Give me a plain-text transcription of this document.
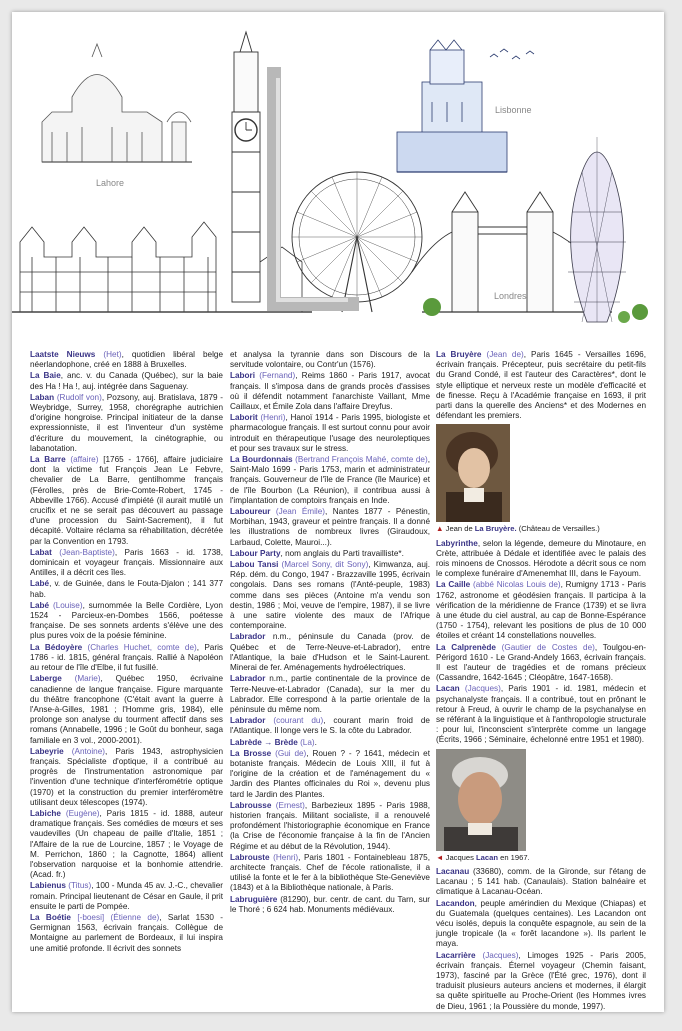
Lahore
Lisbonne
Londres
Laatste Nieuws (Het), quotidien libéral belge néerlandophone, créé en 1888 à Bruxelles.
La Baie, anc. v. du Canada (Québec), sur la baie des Ha ! Ha !, auj. intégrée dans Saguenay.
Laban (Rudolf von), Pozsony, auj. Bratislava, 1879 - Weybridge, Surrey, 1958, chorégraphe autrichien d'origine hongroise. Principal initiateur de la danse expressionniste, il est l'inventeur d'un système d'écriture du mouvement, la cinétographie, ou labanotation.
La Barre (affaire) [1765 - 1766], affaire judiciaire dont la victime fut François Jean Le Febvre, chevalier de La Barre, gentilhomme français (Férolles, près de Brie-Comte-Robert, 1745 - Abbeville 1766). Accusé d'impiété (il aurait mutilé un crucifix et ne se serait pas découvert au passage d'une procession du Saint-Sacrement), il fut décapité. Voltaire réclama sa réhabilitation, décrétée par la Convention en 1793.
Labat (Jean-Baptiste), Paris 1663 - id. 1738, dominicain et voyageur français. Missionnaire aux Antilles, il a décrit ces îles.
Labé, v. de Guinée, dans le Fouta-Djalon ; 141 377 hab.
Labé (Louise), surnommée la Belle Cordière, Lyon 1524 - Parcieux-en-Dombes 1566, poétesse française. De ses sonnets ardents s'élève une des plus pures voix de la poésie féminine.
La Bédoyère (Charles Huchet, comte de), Paris 1786 - id. 1815, général français. Rallié à Napoléon au retour de l'île d'Elbe, il fut fusillé.
Laberge (Marie), Québec 1950, écrivaine canadienne de langue française. Figure marquante du théâtre francophone (C'était avant la guerre à l'Anse-à-Gilles, 1981 ; l'Homme gris, 1984), elle prolonge son analyse du tourment affectif dans ses romans (Annabelle, 1996 ; le Goût du bonheur, saga familiale en 3 vol., 2000-2001).
Labeyrie (Antoine), Paris 1943, astrophysicien français. Spécialiste d'optique, il a contribué au progrès de l'instrumentation astronomique par l'invention d'une technique d'interférométrie optique (1970) et la construction du premier interféromètre utilisant deux télescopes (1974).
Labiche (Eugène), Paris 1815 - id. 1888, auteur dramatique français. Ses comédies de mœurs et ses vaudevilles (Un chapeau de paille d'Italie, 1851 ; l'Affaire de la rue de Lourcine, 1857 ; le Voyage de M. Perrichon, 1860 ; la Cagnotte, 1864) allient l'observation narquoise et la bonhomie attendrie. (Acad. fr.)
Labienus (Titus), 100 - Munda 45 av. J.-C., chevalier romain. Principal lieutenant de César en Gaule, il prit ensuite le parti de Pompée.
La Boétie [-boesi] (Étienne de), Sarlat 1530 - Germignan 1563, écrivain français. Collègue de Montaigne au parlement de Bordeaux, il lui inspira une amitié profonde. Il écrivit des sonnets
et analysa la tyrannie dans son Discours de la servitude volontaire, ou Contr'un (1576).
Labori (Fernand), Reims 1860 - Paris 1917, avocat français. Il s'imposa dans de grands procès d'assises où il défendit notamment l'anarchiste Vaillant, Mme Caillaux, et Émile Zola dans l'affaire Dreyfus.
Laborit (Henri), Hanoï 1914 - Paris 1995, biologiste et pharmacologue français. Il est surtout connu pour avoir introduit en thérapeutique l'usage des neuroleptiques et pour ses travaux sur le stress.
La Bourdonnais (Bertrand François Mahé, comte de), Saint-Malo 1699 - Paris 1753, marin et administrateur français. Gouverneur de l'île de France (île Maurice) et de l'île Bourbon (La Réunion), il contribua aussi à l'implantation de comptoirs français en Inde.
Laboureur (Jean Émile), Nantes 1877 - Pénestin, Morbihan, 1943, graveur et peintre français. Il a donné les illustrations de nombreux livres (Giraudoux, Larbaud, Colette, Mauroi...).
Labour Party, nom anglais du Parti travailliste*.
Labou Tansi (Marcel Sony, dit Sony), Kimwanza, auj. Rép. dém. du Congo, 1947 - Brazzaville 1995, écrivain congolais. Dans ses romans (l'Anté-peuple, 1983) comme dans ses pièces (Antoine m'a vendu son destin, 1986 ; Moi, veuve de l'empire, 1987), il se livre à une satire violente des maux de l'Afrique contemporaine.
Labrador n.m., péninsule du Canada (prov. de Québec et de Terre-Neuve-et-Labrador), entre l'Atlantique, la baie d'Hudson et le Saint-Laurent. Minerai de fer. Aménagements hydroélectriques.
Labrador n.m., partie continentale de la province de Terre-Neuve-et-Labrador (Canada), sur la mer du Labrador. Elle correspond à la partie orientale de la péninsule du même nom.
Labrador (courant du), courant marin froid de l'Atlantique. Il longe vers le S. la côte du Labrador.
Labrède → Brède (La).
La Brosse (Gui de), Rouen ? - ? 1641, médecin et botaniste français. Médecin de Louis XIII, il fut à l'origine de la création et de l'aménagement du « Jardin des Plantes officinales du Roi », devenu plus tard le Jardin des Plantes.
Labrousse (Ernest), Barbezieux 1895 - Paris 1988, historien français. Militant socialiste, il a renouvelé profondément l'historiographie économique en France (la Crise de l'économie française à la fin de l'Ancien Régime et au début de la Révolution, 1944).
Labrouste (Henri), Paris 1801 - Fontainebleau 1875, architecte français. Chef de l'école rationaliste, il a utilisé la fonte et le fer à la bibliothèque Ste-Geneviève (1843) et à la Bibliothèque nationale, à Paris.
Labruguière (81290), bur. centr. de cant. du Tarn, sur le Thoré ; 6 624 hab. Monuments médiévaux.
La Bruyère (Jean de), Paris 1645 - Versailles 1696, écrivain français. Précepteur, puis secrétaire du petit-fils du Grand Condé, il est l'auteur des Caractères*, dont le style elliptique et nerveux reste un modèle d'efficacité et de finesse. Reçu à l'Académie française en 1693, il prit parti dans la querelle des Anciens* et des Modernes en défendant les premiers.
▲ Jean de La Bruyère. (Château de Versailles.)
Labyrinthe, selon la légende, demeure du Minotaure, en Crète, attribuée à Dédale et identifiée avec le palais des rois minoens de Cnossos. Hérodote a décrit sous ce nom le complexe funéraire d'Amenemhat III, dans le Fayoum.
La Caille (abbé Nicolas Louis de), Rumigny 1713 - Paris 1762, astronome et géodésien français. Il participa à la vérification de la méridienne de France (1739) et se livra à une étude du ciel austral, au cap de Bonne-Espérance (1750 - 1754), relevant les positions de plus de 10 000 étoiles et créant 14 constellations nouvelles.
La Calprenède (Gautier de Costes de), Toulgou-en-Périgord 1610 - Le Grand-Andely 1663, écrivain français. Il est l'auteur de tragédies et de romans précieux (Cassandre, 1642-1645 ; Cléopâtre, 1647-1658).
Lacan (Jacques), Paris 1901 - id. 1981, médecin et psychanalyste français. Il a contribué, tout en prônant le retour à Freud, à ouvrir le champ de la psychanalyse en se référant à la linguistique et à l'anthropologie structurale : pour lui, l'inconscient s'interprète comme un langage (Écrits, 1966 ; Séminaire, échelonné entre 1951 et 1980).
◄ Jacques Lacan en 1967.
Lacanau (33680), comm. de la Gironde, sur l'étang de Lacanau ; 5 141 hab. (Canaulais). Station balnéaire et climatique à Lacanau-Océan.
Lacandon, peuple amérindien du Mexique (Chiapas) et du Guatemala (quelques centaines). Les Lacandon ont vécu isolés, depuis la conquête espagnole, au sein de la jungle tropicale (la « forêt lacandone »). Ils parlent le maya.
Lacarrière (Jacques), Limoges 1925 - Paris 2005, écrivain français. Éternel voyageur (Chemin faisant, 1973), fasciné par la Grèce (l'Été grec, 1976), dont il traduisit plusieurs auteurs anciens et modernes, il élargit sa quête spirituelle au Proche-Orient (les Hommes ivres de Dieu, 1961 ; la Poussière du monde, 1997).
